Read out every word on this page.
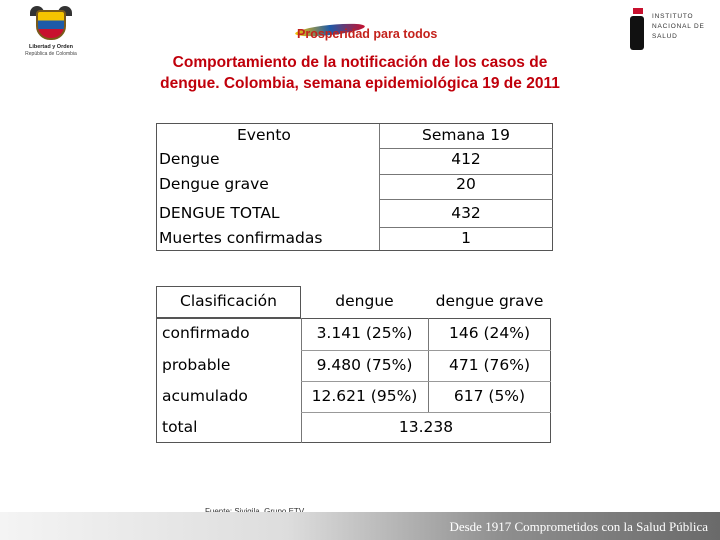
Libertad y Orden
República de Colombia
Prosperidad para todos
INSTITUTO
NACIONAL DE
SALUD
Comportamiento de la notificación de los casos de
dengue. Colombia, semana epidemiológica 19 de 2011
Evento	Semana 19
Dengue	412
Dengue grave	20
DENGUE TOTAL	432
Muertes confirmadas	1
Clasificación	dengue	dengue grave
confirmado	3.141 (25%)	146 (24%)
probable	9.480 (75%)	471 (76%)
acumulado	12.621 (95%)	617 (5%)
total	13.238
Desde 1917 Comprometidos con la Salud Pública
